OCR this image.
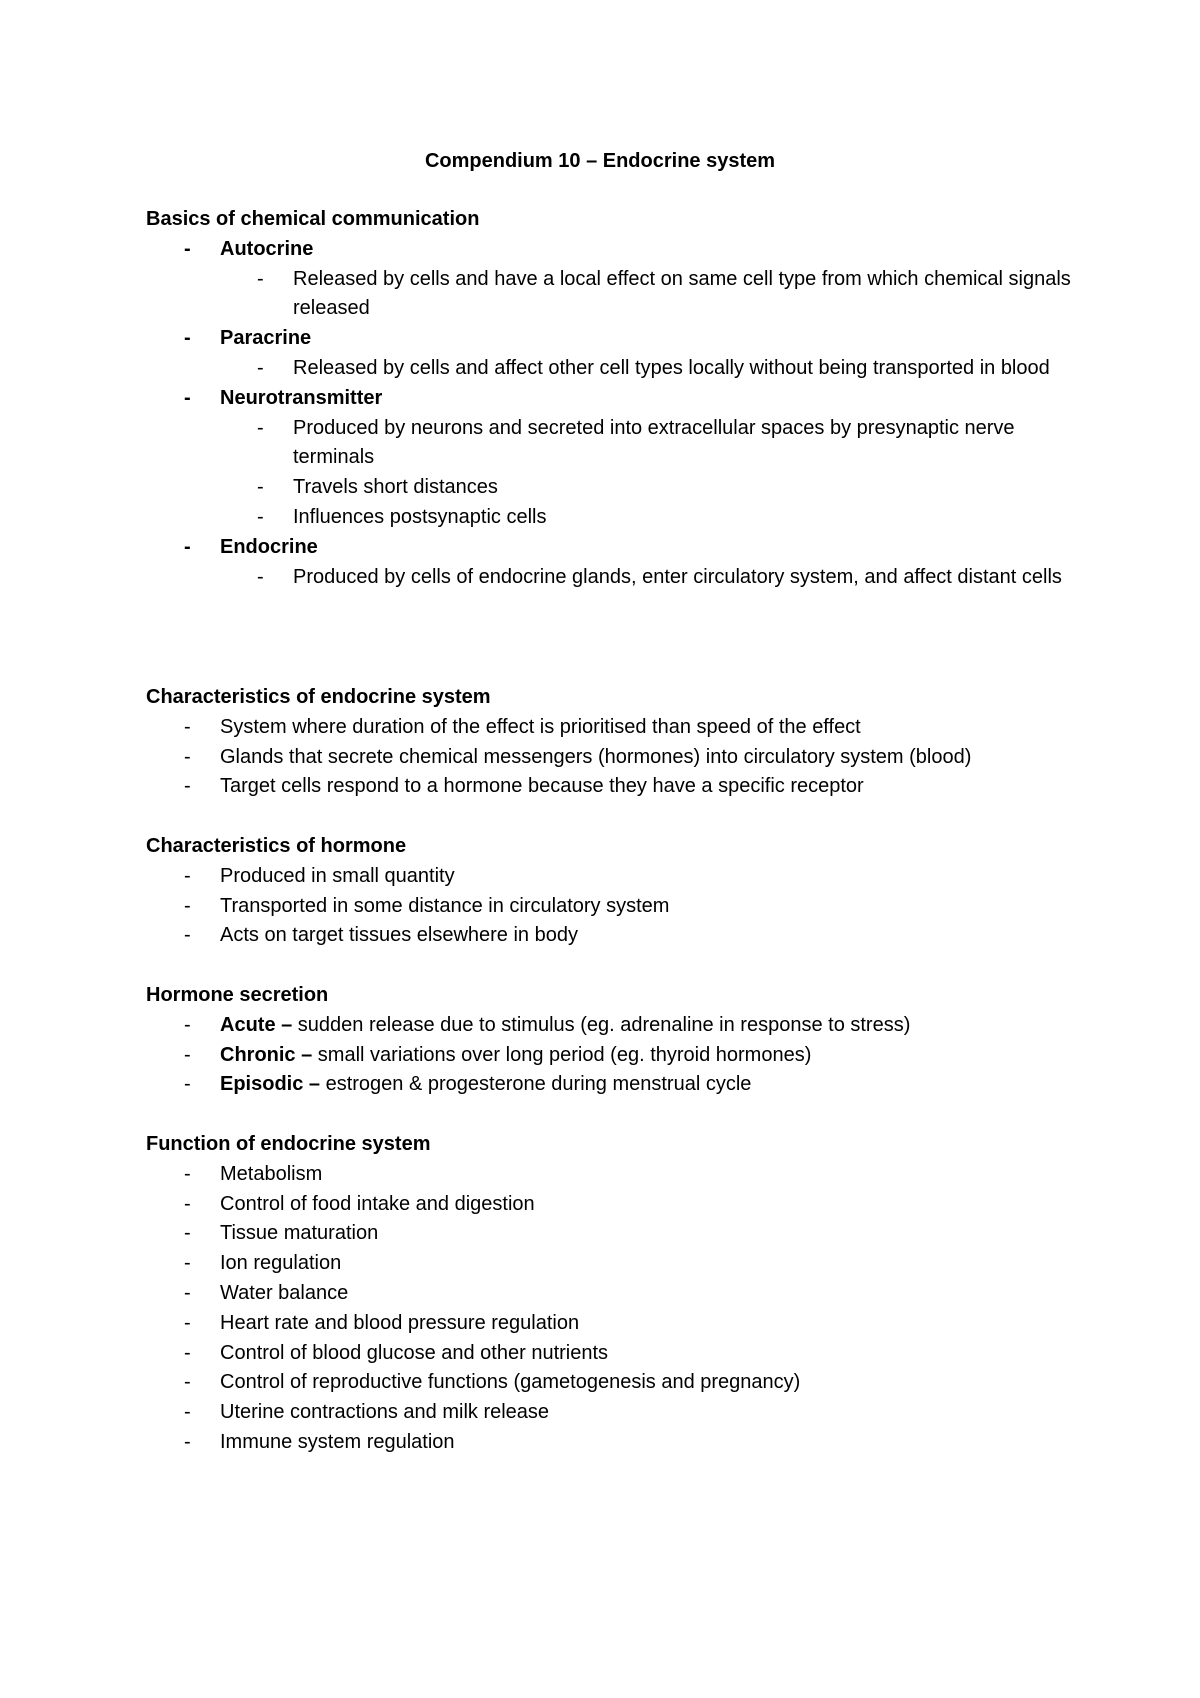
Compendium 10 – Endocrine system
Basics of chemical communication
- Autocrine
- Released by cells and have a local effect on same cell type from which chemical signals released
- Paracrine
- Released by cells and affect other cell types locally without being transported in blood
- Neurotransmitter
- Produced by neurons and secreted into extracellular spaces by presynaptic nerve terminals
- Travels short distances
- Influences postsynaptic cells
- Endocrine
- Produced by cells of endocrine glands, enter circulatory system, and affect distant cells
Characteristics of endocrine system
- System where duration of the effect is prioritised than speed of the effect
- Glands that secrete chemical messengers (hormones) into circulatory system (blood)
- Target cells respond to a hormone because they have a specific receptor
Characteristics of hormone
- Produced in small quantity
- Transported in some distance in circulatory system
- Acts on target tissues elsewhere in body
Hormone secretion
- Acute – sudden release due to stimulus (eg. adrenaline in response to stress)
- Chronic – small variations over long period (eg. thyroid hormones)
- Episodic – estrogen & progesterone during menstrual cycle
Function of endocrine system
- Metabolism
- Control of food intake and digestion
- Tissue maturation
- Ion regulation
- Water balance
- Heart rate and blood pressure regulation
- Control of blood glucose and other nutrients
- Control of reproductive functions (gametogenesis and pregnancy)
- Uterine contractions and milk release
- Immune system regulation
